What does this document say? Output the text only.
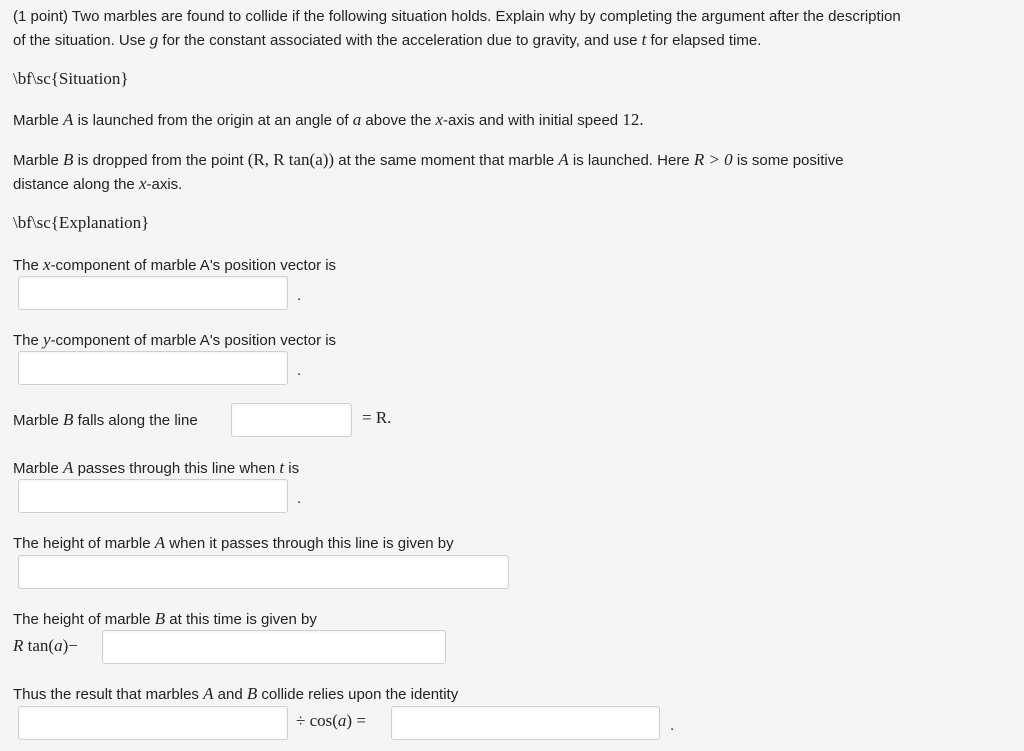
(1 point) Two marbles are found to collide if the following situation holds. Explain why by completing the argument after the description
of the situation. Use g for the constant associated with the acceleration due to gravity, and use t for elapsed time.
\bf\sc{Situation}
Marble A is launched from the origin at an angle of a above the x-axis and with initial speed 12.
Marble B is dropped from the point (R, R tan(a)) at the same moment that marble A is launched. Here R > 0 is some positive
distance along the x-axis.
\bf\sc{Explanation}
The x-component of marble A's position vector is
.
The y-component of marble A's position vector is
.
Marble B falls along the line	= R.
Marble A passes through this line when t is
.
The height of marble A when it passes through this line is given by
The height of marble B at this time is given by
R tan(a)−
Thus the result that marbles A and B collide relies upon the identity
÷ cos(a) =	.
